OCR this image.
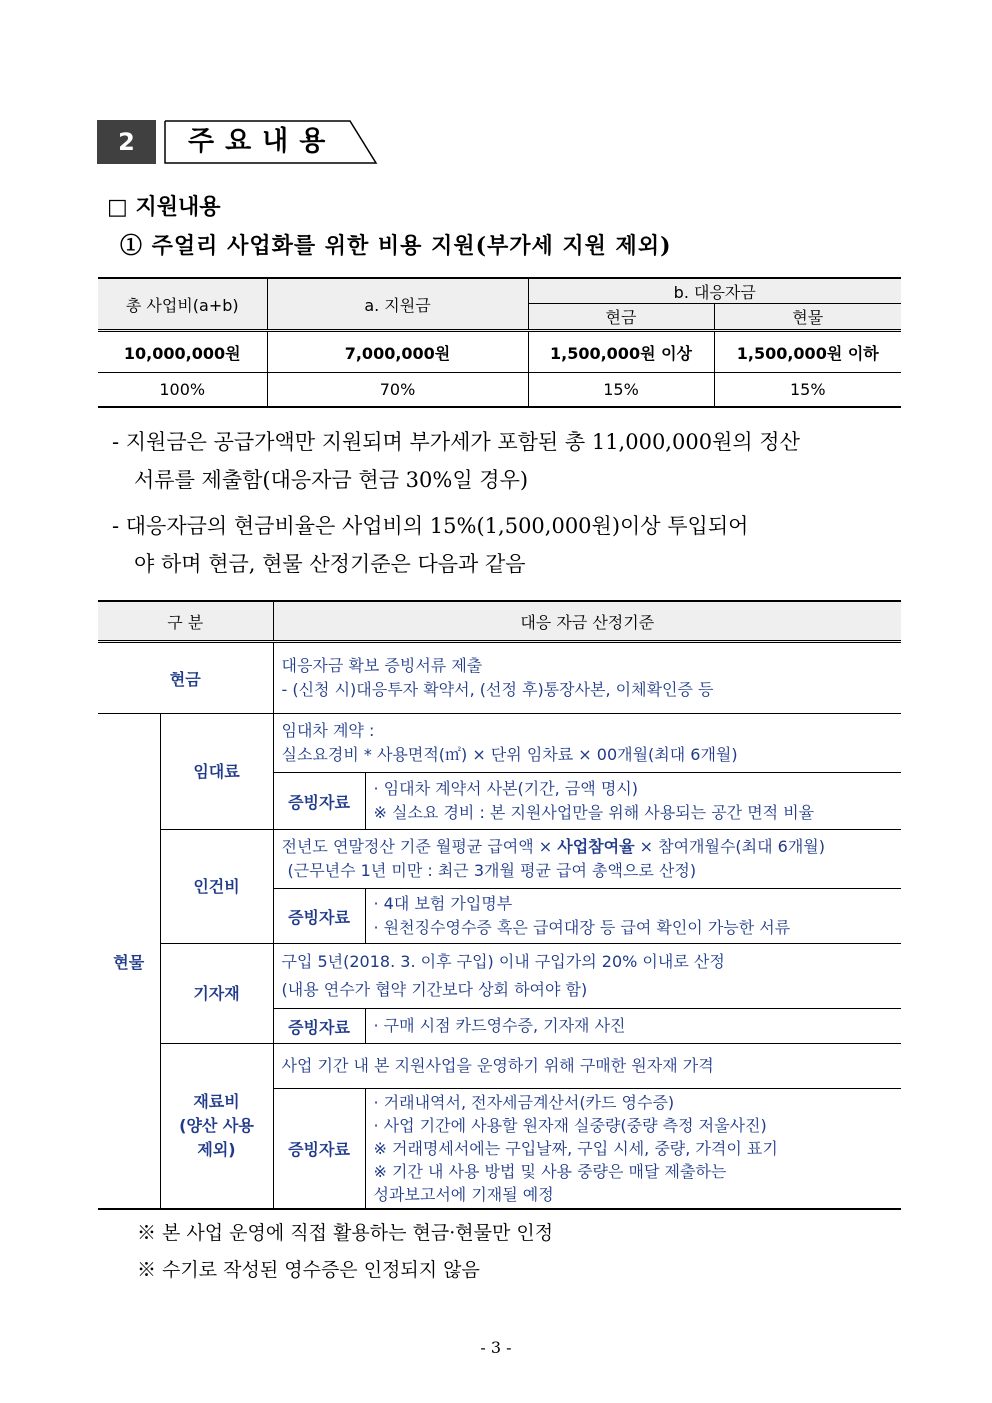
2	주요내용
□ 지원내용
① 주얼리 사업화를 위한 비용 지원(부가세 지원 제외)
총 사업비(a+b)	a. 지원금	b. 대응자금	
		현금	현물
10,000,000원	7,000,000원	1,500,000원 이상	1,500,000원 이하
100%	70%	15%	15%
- 지원금은 공급가액만 지원되며 부가세가 포함된 총 11,000,000원의 정산
서류를 제출함(대응자금 현금 30%일 경우)
- 대응자금의 현금비율은 사업비의 15%(1,500,000원)이상 투입되어
야 하며 현금, 현물 산정기준은 다음과 같음
구 분		대응 자금 산정기준	
현금		대응자금 확보 증빙서류 제출
- (신청 시)대응투자 확약서, (선정 후)통장사본, 이체확인증 등	

현물	임대료	임대차 계약 :
실소요경비 * 사용면적(㎡) × 단위 임차료 × 00개월(최대 6개월)	

		증빙자료	· 임대차 계약서 사본(기간, 금액 명시)
※ 실소요 경비 : 본 지원사업만을 위해 사용되는 공간 면적 비율

	인건비	전년도 연말정산 기준 월평균 급여액 × 사업참여율 × 참여개월수(최대 6개월)
(근무년수 1년 미만 : 최근 3개월 평균 급여 총액으로 산정)	

		증빙자료	· 4대 보험 가입명부
· 원천징수영수증 혹은 급여대장 등 급여 확인이 가능한 서류

	기자재	구입 5년(2018. 3. 이후 구입) 이내 구입가의 20% 이내로 산정
(내용 연수가 협약 기간보다 상회 하여야 함)	

		증빙자료	· 구매 시점 카드영수증, 기자재 사진

	재료비
(양산 사용
제외)	사업 기간 내 본 지원사업을 운영하기 위해 구매한 원자재 가격	

		증빙자료	· 거래내역서, 전자세금계산서(카드 영수증)
· 사업 기간에 사용할 원자재 실중량(중량 측정 저울사진)
※ 거래명세서에는 구입날짜, 구입 시세, 중량, 가격이 표기
※ 기간 내 사용 방법 및 사용 중량은 매달 제출하는
성과보고서에 기재될 예정
※ 본 사업 운영에 직접 활용하는 현금·현물만 인정
※ 수기로 작성된 영수증은 인정되지 않음
- 3 -
